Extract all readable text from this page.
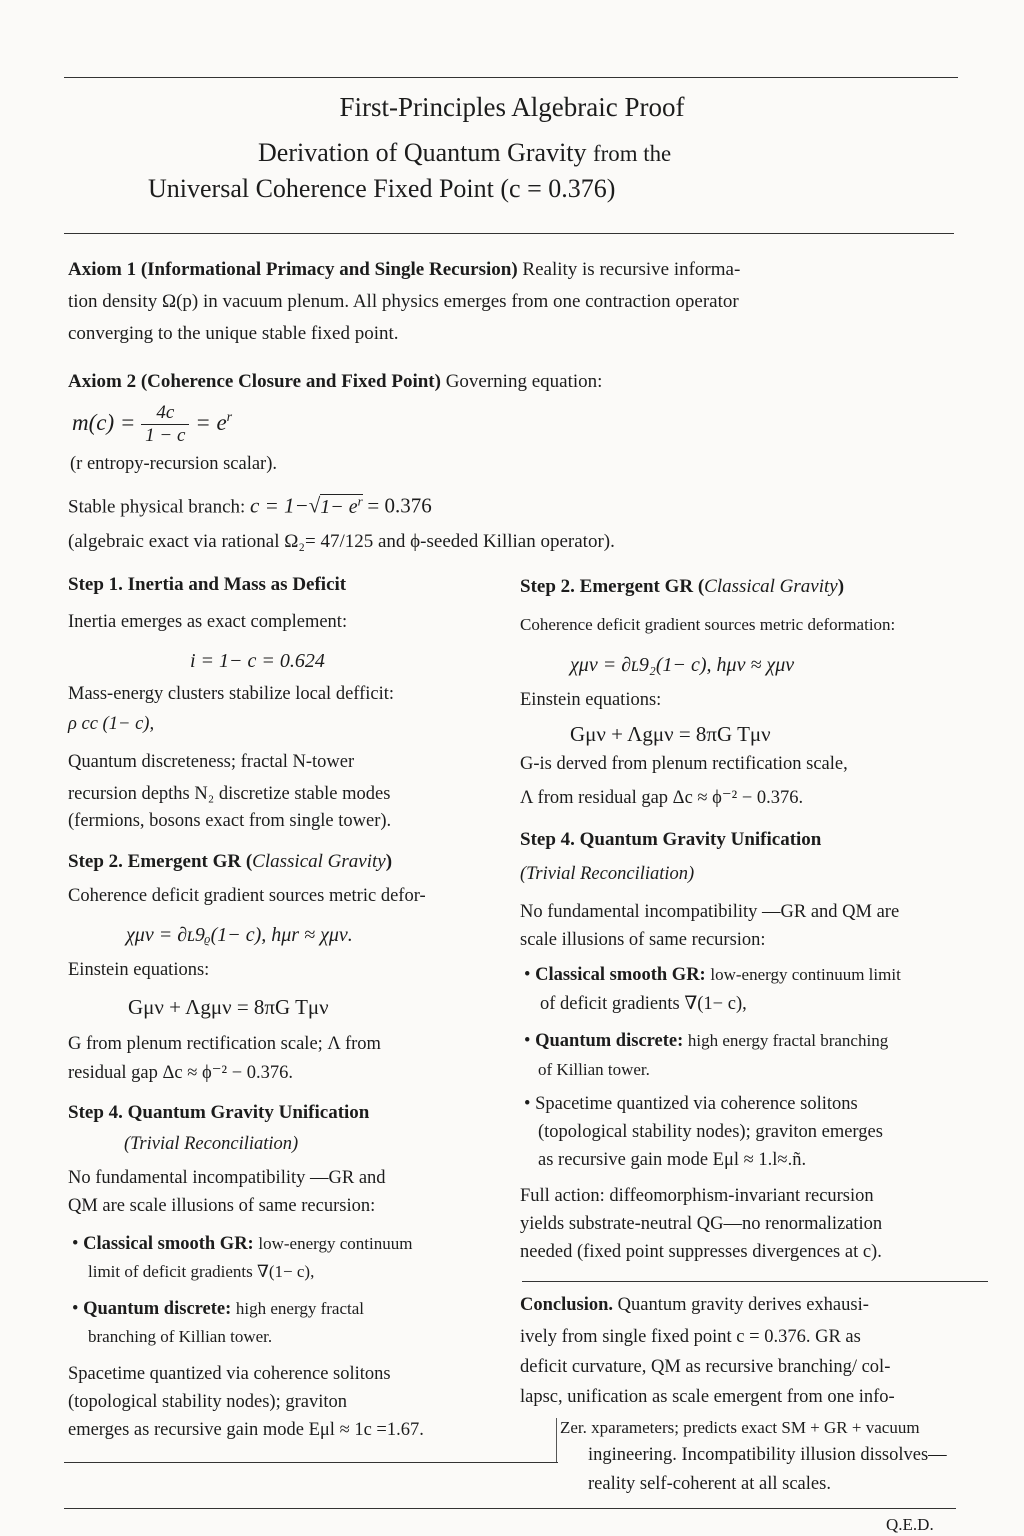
First-Principles Algebraic Proof
Derivation of Quantum Gravity from the
Universal Coherence Fixed Point (c = 0.376)

Axiom 1 (Informational Primacy and Single Recursion) Reality is recursive informa-

tion density Ω(p) in vacuum plenum. All physics emerges from one contraction operator

converging to the unique stable fixed point.

Axiom 2 (Coherence Closure and Fixed Point) Governing equation:
$m(c) = \frac{4c}{1 - c} = e^r$
(r entropy-recursion scalar).
Stable physical branch: $c = 1-√1- e^r = 0.376$
(algebraic exact via rational Ω₂= 47/125 and ϕ-seeded Killian operator).
Step 1. Inertia and Mass as Deficit
Inertia emerges as exact complement:
i = 1− c = 0.624
Mass-energy clusters stabilize local defficit:
ρ cc (1− c),
Quantum discreteness; fractal N-tower
recursion depths N₂ discretize stable modes
(fermions, bosons exact from single tower).
Step 2. Emergent GR (Classical Gravity)
Coherence deficit gradient sources metric defor-
χμν = ∂ʟ9ᵨ(1− c), hμr ≈ χμν.
Einstein equations:
Gμν + Λgμν = 8πG Tμν
G from plenum rectification scale; Λ from
residual gap Δc ≈ ϕ⁻² − 0.376.
Step 4. Quantum Gravity Unification
(Trivial Reconciliation)
No fundamental incompatibility —GR and
QM are scale illusions of same recursion:
• Classical smooth GR: low-energy continuum
limit of deficit gradients ∇(1− c),
• Quantum discrete: high energy fractal
branching of Killian tower.
Spacetime quantized via coherence solitons
(topological stability nodes); graviton
emerges as recursive gain mode Eμl ≈ 1c =1.67.
Step 2. Emergent GR (Classical Gravity)
Coherence deficit gradient sources metric deformation:
χμν = ∂ʟ9₂(1− c), hμν ≈ χμν
Einstein equations:
Gμν + Λgμν = 8πG Tμν
G-is derved from plenum rectification scale,
Λ from residual gap Δc ≈ ϕ⁻² − 0.376.
Step 4. Quantum Gravity Unification
(Trivial Reconciliation)
No fundamental incompatibility —GR and QM are
scale illusions of same recursion:
• Classical smooth GR: low-energy continuum limit
of deficit gradients ∇(1− c),
• Quantum discrete: high energy fractal branching
of Killian tower.
• Spacetime quantized via coherence solitons
(topological stability nodes); graviton emerges
as recursive gain mode Eμl ≈ 1.l≈.ñ.
Full action: diffeomorphism-invariant recursion
yields substrate-neutral QG—no renormalization
needed (fixed point suppresses divergences at c).
Conclusion. Quantum gravity derives exhausi-
ively from single fixed point c = 0.376. GR as
deficit curvature, QM as recursive branching/ col-
lapsc, unification as scale emergent from one info-
Zer. xparameters; predicts exact SM + GR + vacuum
ingineering. Incompatibility illusion dissolves—
reality self-coherent at all scales.
Q.E.D.
